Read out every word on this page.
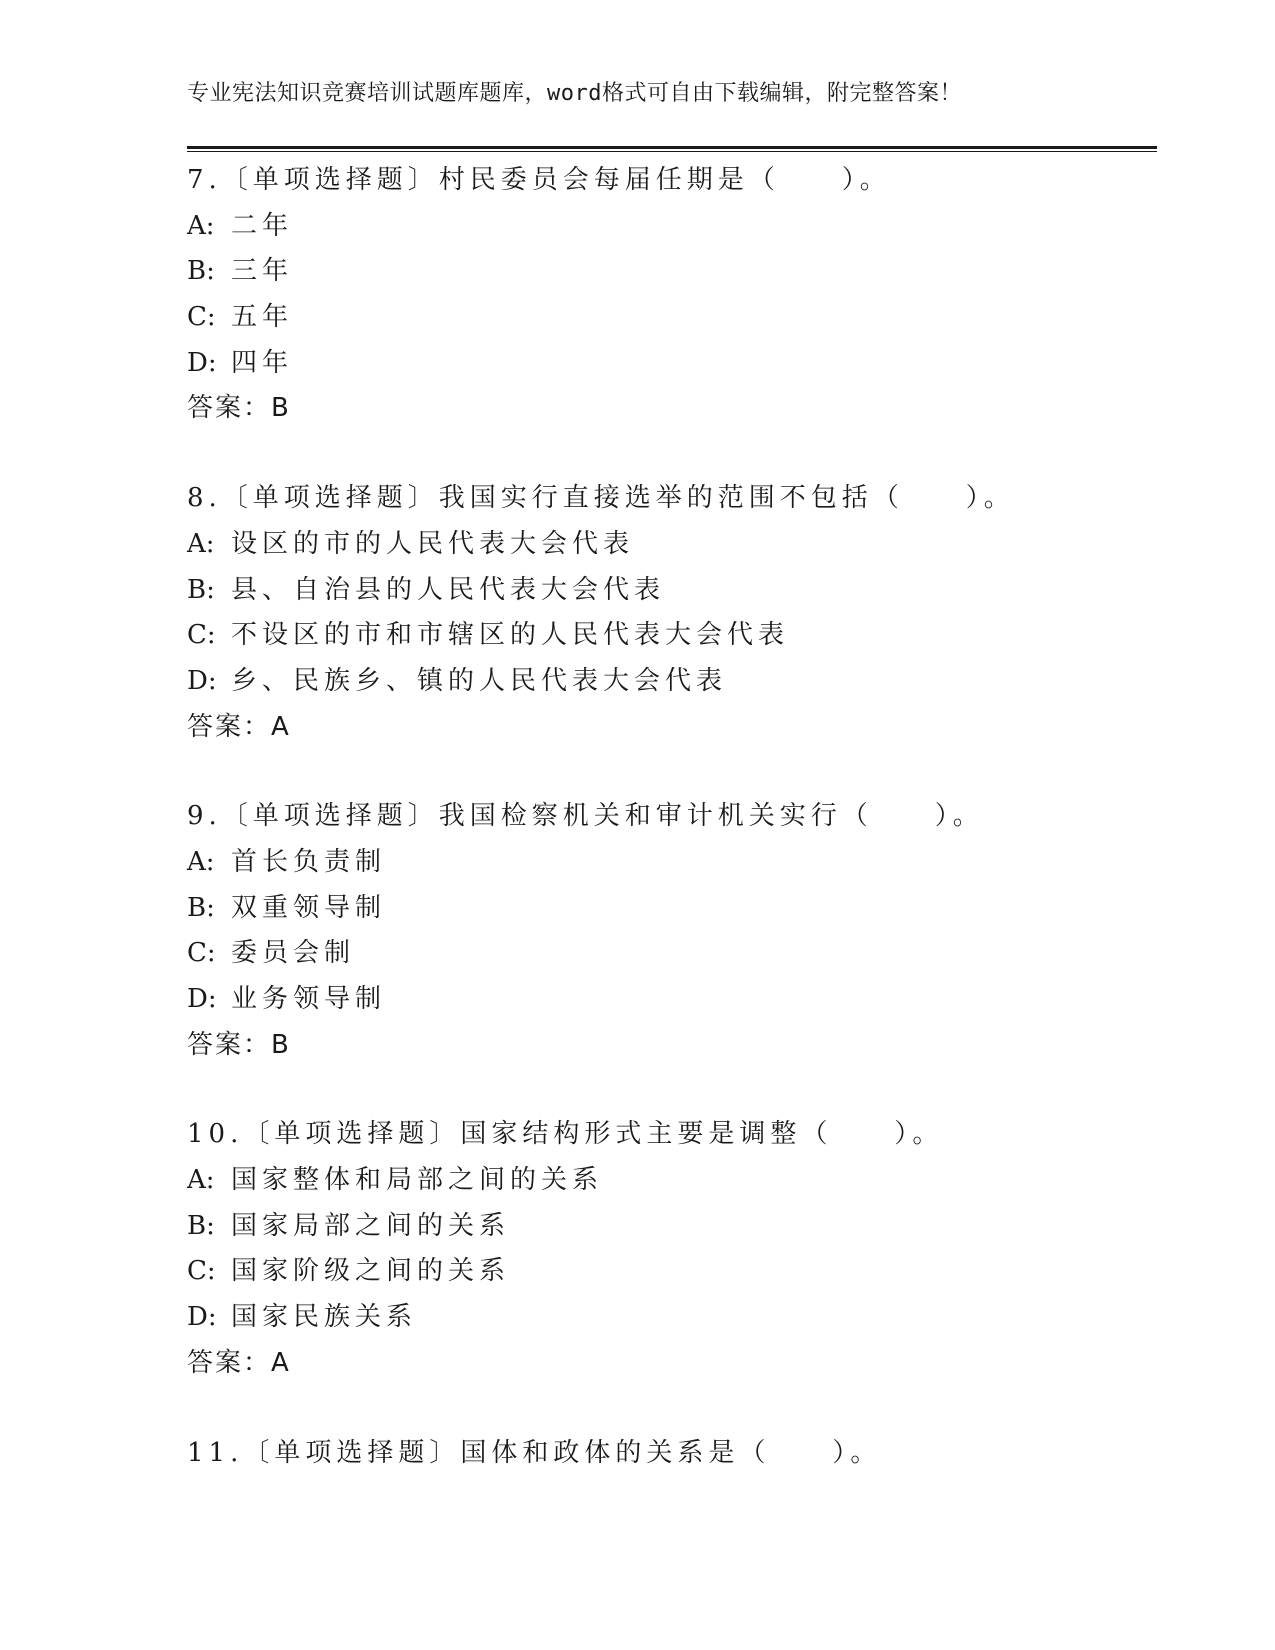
专业宪法知识竞赛培训试题库题库，word格式可自由下载编辑，附完整答案！
7.〔单项选择题〕村民委员会每届任期是（　　）。
A: 二年
B: 三年
C: 五年
D: 四年
答案：B
8.〔单项选择题〕我国实行直接选举的范围不包括（　　）。
A: 设区的市的人民代表大会代表
B: 县、自治县的人民代表大会代表
C: 不设区的市和市辖区的人民代表大会代表
D: 乡、民族乡、镇的人民代表大会代表
答案：A
9.〔单项选择题〕我国检察机关和审计机关实行（　　）。
A: 首长负责制
B: 双重领导制
C: 委员会制
D: 业务领导制
答案：B
10.〔单项选择题〕国家结构形式主要是调整（　　）。
A: 国家整体和局部之间的关系
B: 国家局部之间的关系
C: 国家阶级之间的关系
D: 国家民族关系
答案：A
11.〔单项选择题〕国体和政体的关系是（　　）。
